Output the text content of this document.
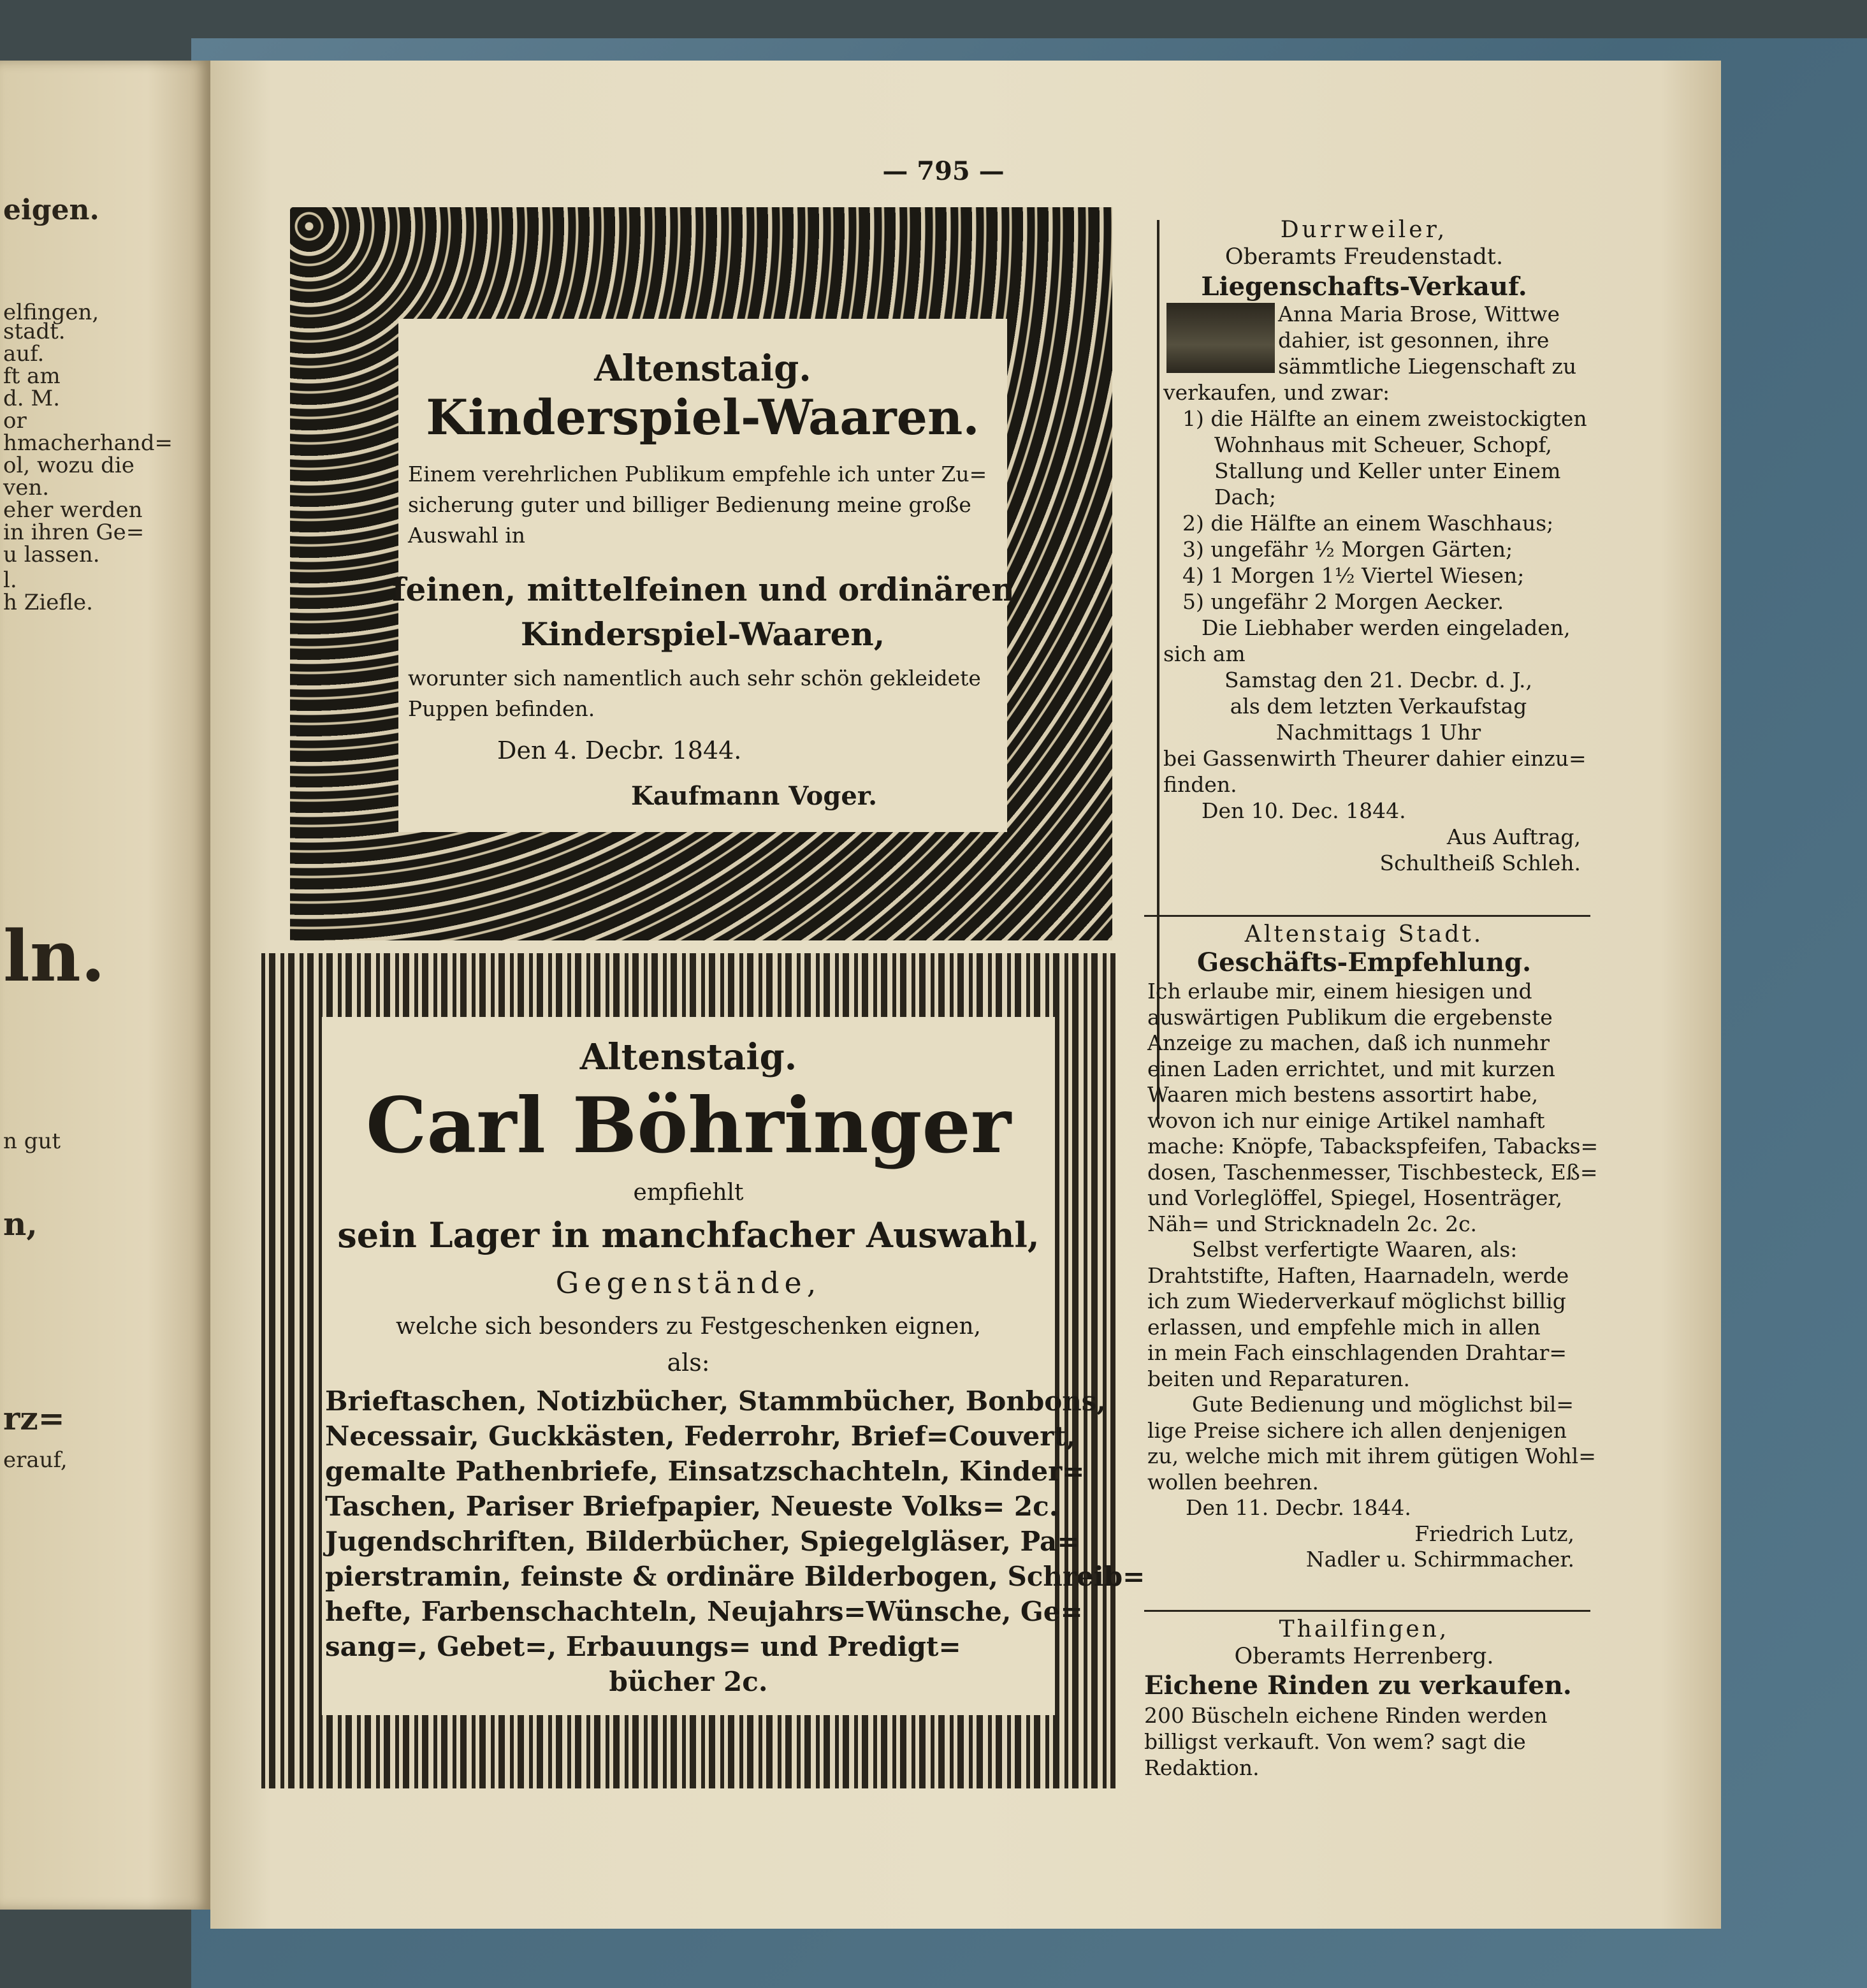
eigen.
elfingen,
stadt.
auf.
ft am
d. M.
or
hmacherhand=
ol, wozu die
ven.
eher werden
in ihren Ge=
u lassen.
l.
h Ziefle.
ln.
n gut
n,
rz=
erauf,
— 795 —
Altenstaig.
Kinderspiel-Waaren.
Einem verehrlichen Publikum empfehle ich unter Zu=
sicherung guter und billiger Bedienung meine große
Auswahl in
feinen, mittelfeinen und ordinären
Kinderspiel-Waaren,
worunter sich namentlich auch sehr schön gekleidete
Puppen befinden.
Den 4. Decbr. 1844.
Kaufmann Voger.
Altenstaig.
Carl Böhringer
empfiehlt
sein Lager in manchfacher Auswahl,
Gegenstände,
welche sich besonders zu Festgeschenken eignen,
als:
Brieftaschen, Notizbücher, Stammbücher, Bonbons,
Necessair, Guckkästen, Federrohr, Brief=Couvert,
gemalte Pathenbriefe, Einsatzschachteln, Kinder=
Taschen, Pariser Briefpapier, Neueste Volks= 2c.
Jugendschriften, Bilderbücher, Spiegelgläser, Pa=
pierstramin, feinste & ordinäre Bilderbogen, Schreib=
hefte, Farbenschachteln, Neujahrs=Wünsche, Ge=
sang=, Gebet=, Erbauungs= und Predigt=
bücher 2c.
Durrweiler,
Oberamts Freudenstadt.
Liegenschafts-Verkauf.
Anna Maria Brose, Wittwe
dahier, ist gesonnen, ihre
sämmtliche Liegenschaft zu
verkaufen, und zwar:
1) die Hälfte an einem zweistockigten
Wohnhaus mit Scheuer, Schopf,
Stallung und Keller unter Einem
Dach;
2) die Hälfte an einem Waschhaus;
3) ungefähr ½ Morgen Gärten;
4) 1 Morgen 1½ Viertel Wiesen;
5) ungefähr 2 Morgen Aecker.
Die Liebhaber werden eingeladen,
sich am
Samstag den 21. Decbr. d. J.,
als dem letzten Verkaufstag
Nachmittags 1 Uhr
bei Gassenwirth Theurer dahier einzu=
finden.
Den 10. Dec. 1844.
Aus Auftrag,
Schultheiß Schleh.
Altenstaig Stadt.
Geschäfts-Empfehlung.
Ich erlaube mir, einem hiesigen und
auswärtigen Publikum die ergebenste
Anzeige zu machen, daß ich nunmehr
einen Laden errichtet, und mit kurzen
Waaren mich bestens assortirt habe,
wovon ich nur einige Artikel namhaft
mache: Knöpfe, Tabackspfeifen, Tabacks=
dosen, Taschenmesser, Tischbesteck, Eß=
und Vorleglöffel, Spiegel, Hosenträger,
Näh= und Stricknadeln 2c. 2c.
Selbst verfertigte Waaren, als:
Drahtstifte, Haften, Haarnadeln, werde
ich zum Wiederverkauf möglichst billig
erlassen, und empfehle mich in allen
in mein Fach einschlagenden Drahtar=
beiten und Reparaturen.
Gute Bedienung und möglichst bil=
lige Preise sichere ich allen denjenigen
zu, welche mich mit ihrem gütigen Wohl=
wollen beehren.
Den 11. Decbr. 1844.
Friedrich Lutz,
Nadler u. Schirmmacher.
Thailfingen,
Oberamts Herrenberg.
Eichene Rinden zu verkaufen.
200 Büscheln eichene Rinden werden
billigst verkauft. Von wem? sagt die
Redaktion.
